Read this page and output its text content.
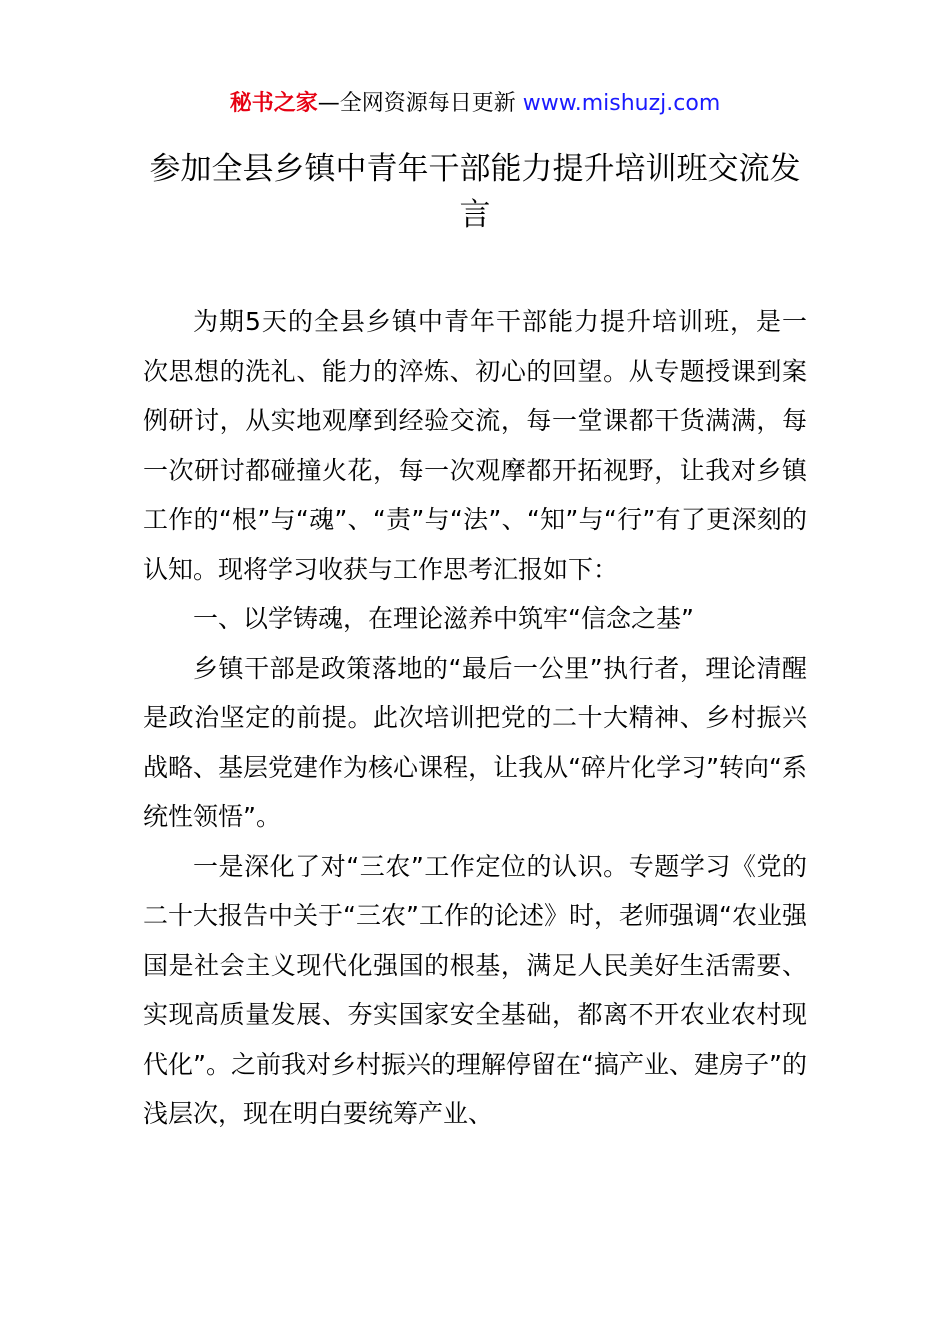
秘书之家—全网资源每日更新 www.mishuzj.com
参加全县乡镇中青年干部能力提升培训班交流发言

为期5天的全县乡镇中青年干部能力提升培训班，是一次思想的洗礼、能力的淬炼、初心的回望。从专题授课到案例研讨，从实地观摩到经验交流，每一堂课都干货满满，每一次研讨都碰撞火花，每一次观摩都开拓视野，让我对乡镇工作的“根”与“魂”、“责”与“法”、“知”与“行”有了更深刻的认知。现将学习收获与工作思考汇报如下：

一、以学铸魂，在理论滋养中筑牢“信念之基”

乡镇干部是政策落地的“最后一公里”执行者，理论清醒是政治坚定的前提。此次培训把党的二十大精神、乡村振兴战略、基层党建作为核心课程，让我从“碎片化学习”转向“系统性领悟”。

一是深化了对“三农”工作定位的认识。专题学习《党的二十大报告中关于“三农”工作的论述》时，老师强调“农业强国是社会主义现代化强国的根基，满足人民美好生活需要、实现高质量发展、夯实国家安全基础，都离不开农业农村现代化”。之前我对乡村振兴的理解停留在“搞产业、建房子”的浅层次，现在明白要统筹产业、
